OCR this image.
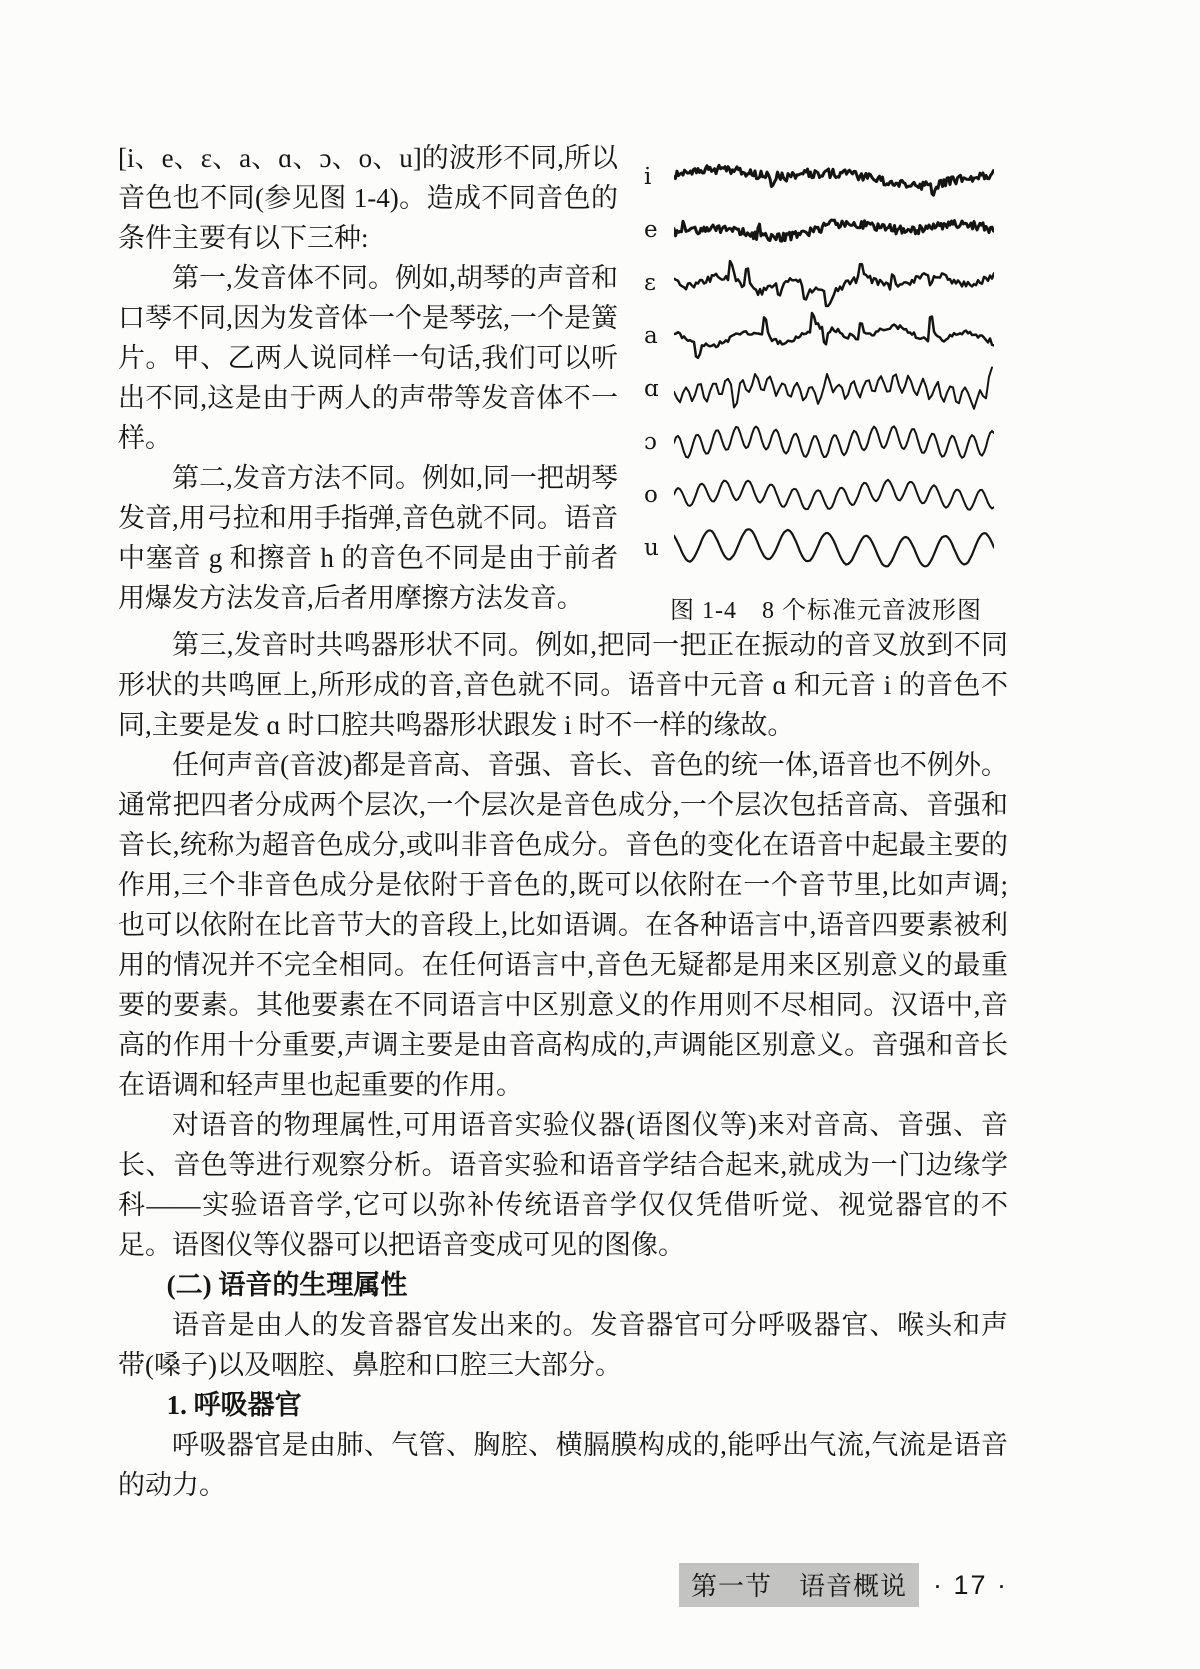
[i、e、ɛ、a、ɑ、ɔ、o、u]的波形不同,所以音色也不同(参见图 1-4)。造成不同音色的条件主要有以下三种:

第一,发音体不同。例如,胡琴的声音和口琴不同,因为发音体一个是琴弦,一个是簧片。甲、乙两人说同样一句话,我们可以听出不同,这是由于两人的声带等发音体不一样。

第二,发音方法不同。例如,同一把胡琴发音,用弓拉和用手指弹,音色就不同。语音中塞音 g 和擦音 h 的音色不同是由于前者用爆发方法发音,后者用摩擦方法发音。

i
e
ɛ
a
ɑ
ɔ
o
u
图 1-4　8 个标准元音波形图

第三,发音时共鸣器形状不同。例如,把同一把正在振动的音叉放到不同形状的共鸣匣上,所形成的音,音色就不同。语音中元音 ɑ 和元音 i 的音色不同,主要是发 ɑ 时口腔共鸣器形状跟发 i 时不一样的缘故。

任何声音(音波)都是音高、音强、音长、音色的统一体,语音也不例外。通常把四者分成两个层次,一个层次是音色成分,一个层次包括音高、音强和音长,统称为超音色成分,或叫非音色成分。音色的变化在语音中起最主要的作用,三个非音色成分是依附于音色的,既可以依附在一个音节里,比如声调;也可以依附在比音节大的音段上,比如语调。在各种语言中,语音四要素被利用的情况并不完全相同。在任何语言中,音色无疑都是用来区别意义的最重要的要素。其他要素在不同语言中区别意义的作用则不尽相同。汉语中,音高的作用十分重要,声调主要是由音高构成的,声调能区别意义。音强和音长在语调和轻声里也起重要的作用。

对语音的物理属性,可用语音实验仪器(语图仪等)来对音高、音强、音长、音色等进行观察分析。语音实验和语音学结合起来,就成为一门边缘学科——实验语音学,它可以弥补传统语音学仅仅凭借听觉、视觉器官的不足。语图仪等仪器可以把语音变成可见的图像。

(二) 语音的生理属性

语音是由人的发音器官发出来的。发音器官可分呼吸器官、喉头和声带(嗓子)以及咽腔、鼻腔和口腔三大部分。

1. 呼吸器官

呼吸器官是由肺、气管、胸腔、横膈膜构成的,能呼出气流,气流是语音的动力。

第一节　语音概说 · 17 ·
